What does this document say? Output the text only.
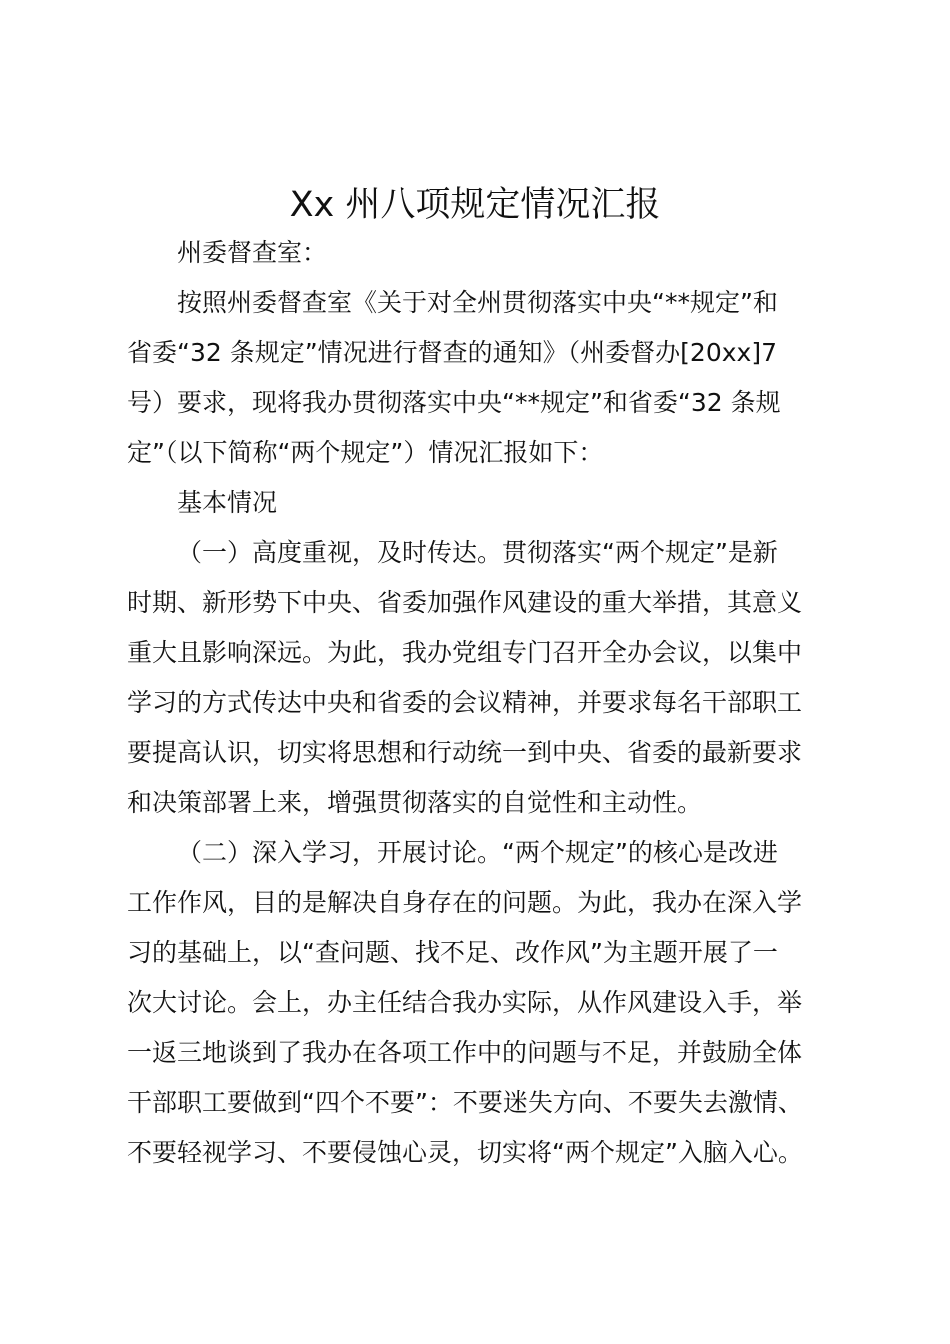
Xx 州八项规定情况汇报

州委督查室：

按照州委督查室《关于对全州贯彻落实中央“**规定”和
省委“32 条规定”情况进行督查的通知》（州委督办[20xx]7
号）要求，现将我办贯彻落实中央“**规定”和省委“32 条规
定”（以下简称“两个规定”）情况汇报如下：

基本情况

（一）高度重视，及时传达。贯彻落实“两个规定”是新
时期、新形势下中央、省委加强作风建设的重大举措，其意义
重大且影响深远。为此，我办党组专门召开全办会议，以集中
学习的方式传达中央和省委的会议精神，并要求每名干部职工
要提高认识，切实将思想和行动统一到中央、省委的最新要求
和决策部署上来，增强贯彻落实的自觉性和主动性。

（二）深入学习，开展讨论。“两个规定”的核心是改进
工作作风，目的是解决自身存在的问题。为此，我办在深入学
习的基础上，以“查问题、找不足、改作风”为主题开展了一
次大讨论。会上，办主任结合我办实际，从作风建设入手，举
一返三地谈到了我办在各项工作中的问题与不足，并鼓励全体
干部职工要做到“四个不要”：不要迷失方向、不要失去激情、
不要轻视学习、不要侵蚀心灵，切实将“两个规定”入脑入心。
